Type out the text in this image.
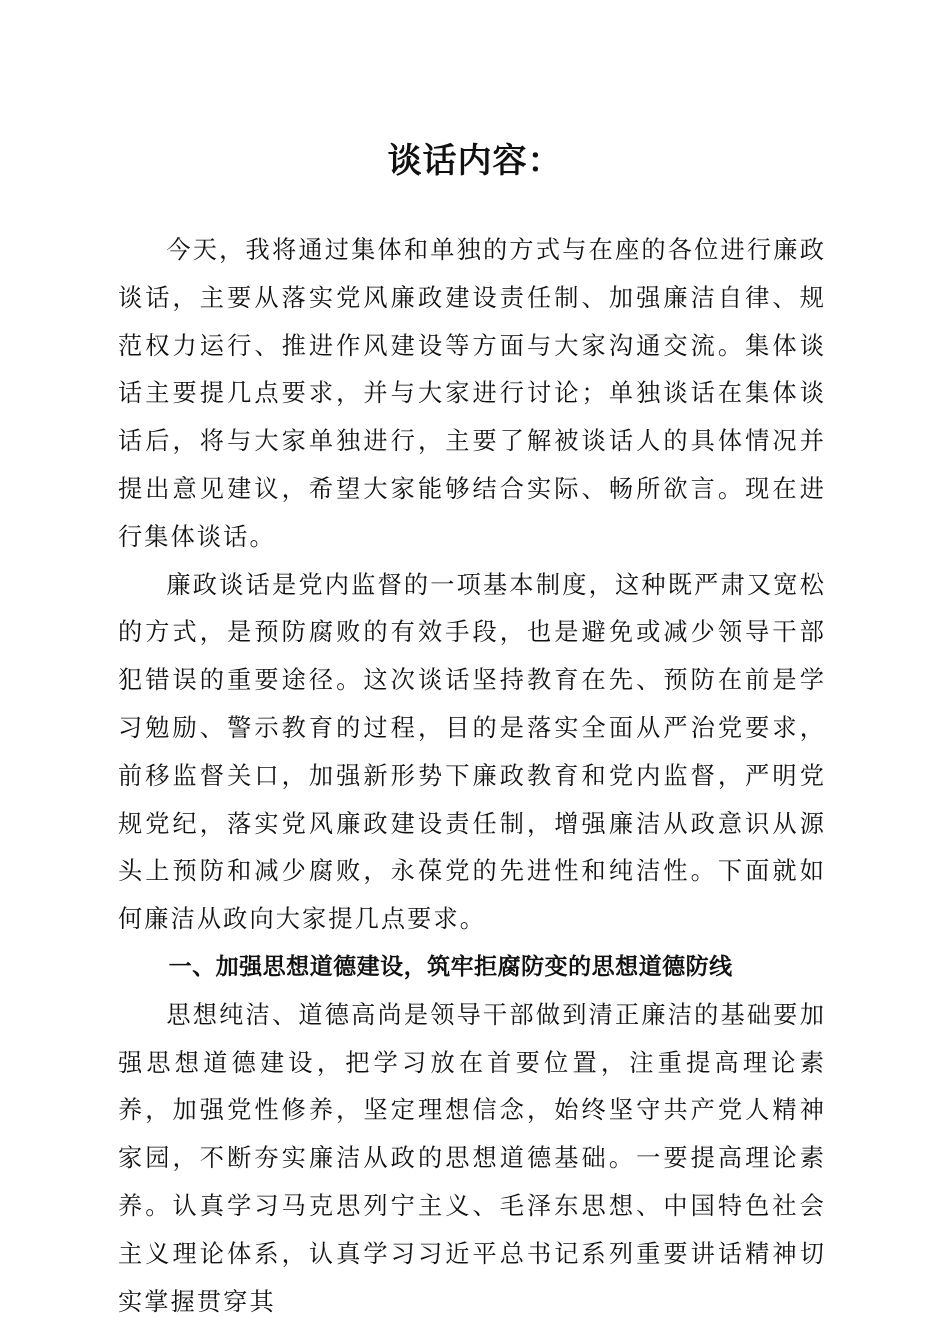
谈话内容：

今天，我将通过集体和单独的方式与在座的各位进行廉政谈话，主要从落实党风廉政建设责任制、加强廉洁自律、规范权力运行、推进作风建设等方面与大家沟通交流。集体谈话主要提几点要求，并与大家进行讨论；单独谈话在集体谈话后，将与大家单独进行，主要了解被谈话人的具体情况并提出意见建议，希望大家能够结合实际、畅所欲言。现在进行集体谈话。

廉政谈话是党内监督的一项基本制度，这种既严肃又宽松的方式，是预防腐败的有效手段，也是避免或减少领导干部犯错误的重要途径。这次谈话坚持教育在先、预防在前是学习勉励、警示教育的过程，目的是落实全面从严治党要求，前移监督关口，加强新形势下廉政教育和党内监督，严明党规党纪，落实党风廉政建设责任制，增强廉洁从政意识从源头上预防和减少腐败，永葆党的先进性和纯洁性。下面就如何廉洁从政向大家提几点要求。

一、加强思想道德建设，筑牢拒腐防变的思想道德防线

思想纯洁、道德高尚是领导干部做到清正廉洁的基础要加强思想道德建设，把学习放在首要位置，注重提高理论素养，加强党性修养，坚定理想信念，始终坚守共产党人精神家园，不断夯实廉洁从政的思想道德基础。一要提高理论素养。认真学习马克思列宁主义、毛泽东思想、中国特色社会主义理论体系，认真学习习近平总书记系列重要讲话精神切实掌握贯穿其
